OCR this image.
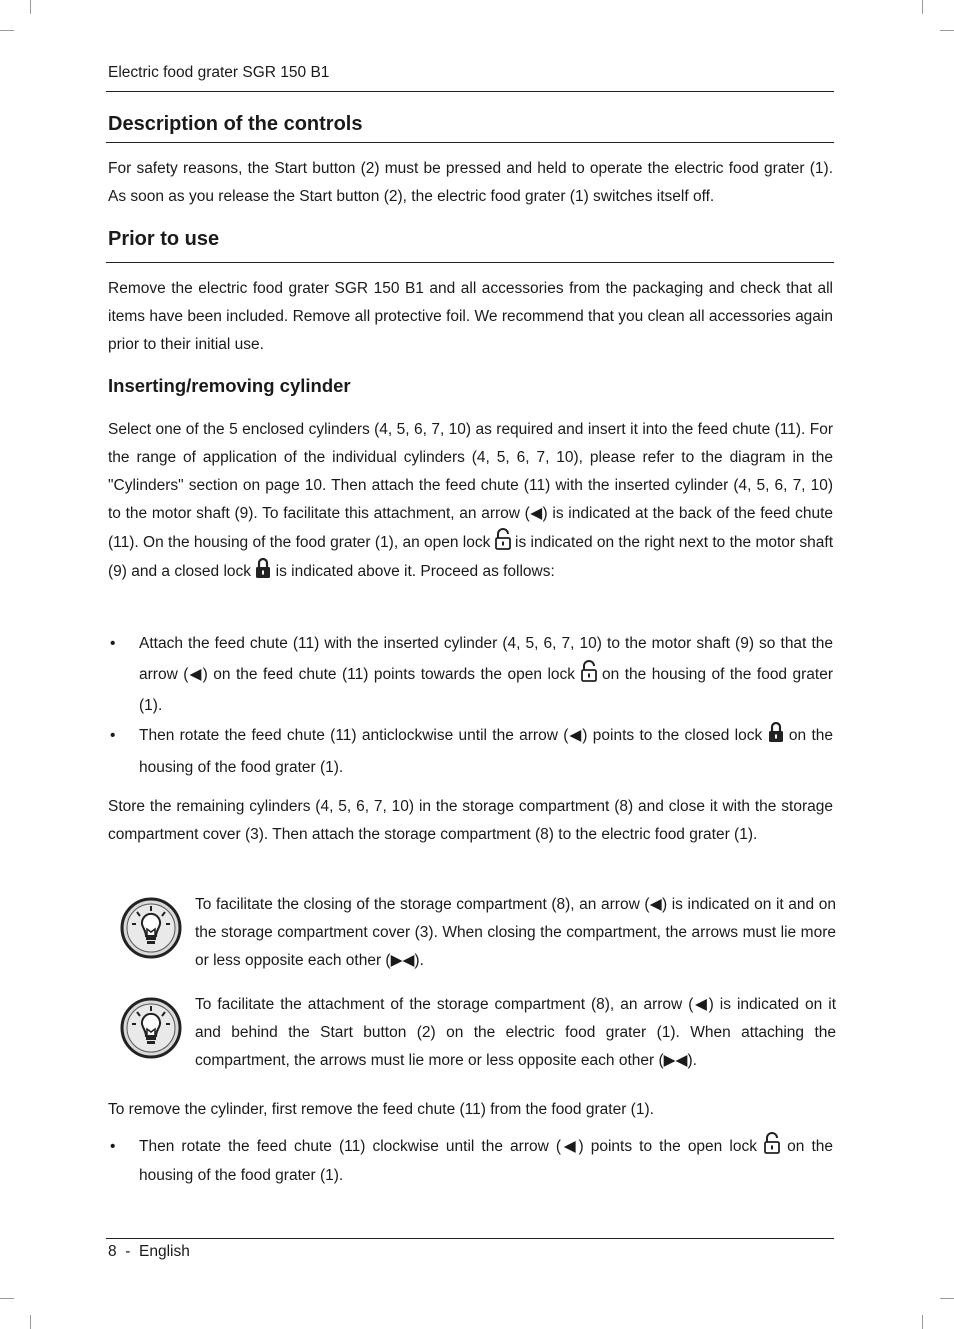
Electric food grater SGR 150 B1
Description of the controls
For safety reasons, the Start button (2) must be pressed and held to operate the electric food grater (1). As soon as you release the Start button (2), the electric food grater (1) switches itself off.
Prior to use
Remove the electric food grater SGR 150 B1 and all accessories from the packaging and check that all items have been included. Remove all protective foil. We recommend that you clean all accessories again prior to their initial use.
Inserting/removing cylinder
Select one of the 5 enclosed cylinders (4, 5, 6, 7, 10) as required and insert it into the feed chute (11). For the range of application of the individual cylinders (4, 5, 6, 7, 10), please refer to the diagram in the "Cylinders" section on page 10. Then attach the feed chute (11) with the inserted cylinder (4, 5, 6, 7, 10) to the motor shaft (9). To facilitate this attachment, an arrow (◀) is indicated at the back of the feed chute (11). On the housing of the food grater (1), an open lock is indicated on the right next to the motor shaft (9) and a closed lock is indicated above it. Proceed as follows:
• Attach the feed chute (11) with the inserted cylinder (4, 5, 6, 7, 10) to the motor shaft (9) so that the arrow (◀) on the feed chute (11) points towards the open lock on the housing of the food grater (1).
• Then rotate the feed chute (11) anticlockwise until the arrow (◀) points to the closed lock on the housing of the food grater (1).
Store the remaining cylinders (4, 5, 6, 7, 10) in the storage compartment (8) and close it with the storage compartment cover (3). Then attach the storage compartment (8) to the electric food grater (1).
To facilitate the closing of the storage compartment (8), an arrow (◀) is indicated on it and on the storage compartment cover (3). When closing the compartment, the arrows must lie more or less opposite each other (▶◀).
To facilitate the attachment of the storage compartment (8), an arrow (◀) is indicated on it and behind the Start button (2) on the electric food grater (1). When attaching the compartment, the arrows must lie more or less opposite each other (▶◀).
To remove the cylinder, first remove the feed chute (11) from the food grater (1).
• Then rotate the feed chute (11) clockwise until the arrow (◀) points to the open lock on the housing of the food grater (1).
8  -  English
